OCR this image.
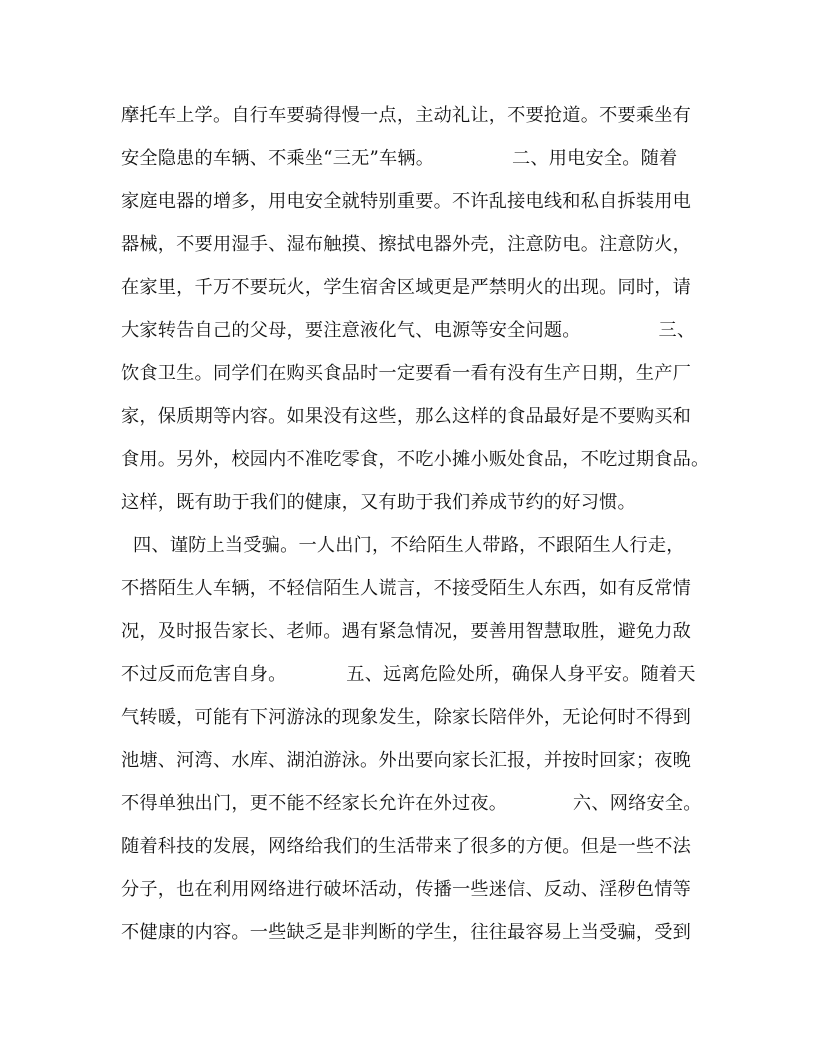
摩托车上学。自行车要骑得慢一点，主动礼让，不要抢道。不要乘坐有
安全隐患的车辆、不乘坐“三无”车辆。             二、用电安全。随着
家庭电器的增多，用电安全就特别重要。不许乱接电线和私自拆装用电
器械，不要用湿手、湿布触摸、擦拭电器外壳，注意防电。注意防火，
在家里，千万不要玩火，学生宿舍区域更是严禁明火的出现。同时，请
大家转告自己的父母，要注意液化气、电源等安全问题。             三、
饮食卫生。同学们在购买食品时一定要看一看有没有生产日期，生产厂
家，保质期等内容。如果没有这些，那么这样的食品最好是不要购买和
食用。另外，校园内不准吃零食，不吃小摊小贩处食品，不吃过期食品。
这样，既有助于我们的健康，又有助于我们养成节约的好习惯。
四、谨防上当受骗。一人出门，不给陌生人带路，不跟陌生人行走，
不搭陌生人车辆，不轻信陌生人谎言，不接受陌生人东西，如有反常情
况，及时报告家长、老师。遇有紧急情况，要善用智慧取胜，避免力敌
不过反而危害自身。          五、远离危险处所，确保人身平安。随着天
气转暖，可能有下河游泳的现象发生，除家长陪伴外，无论何时不得到
池塘、河湾、水库、湖泊游泳。外出要向家长汇报，并按时回家；夜晚
不得单独出门，更不能不经家长允许在外过夜。           六、网络安全。
随着科技的发展，网络给我们的生活带来了很多的方便。但是一些不法
分子，也在利用网络进行破坏活动，传播一些迷信、反动、淫秽色情等
不健康的内容。一些缺乏是非判断的学生，往往最容易上当受骗，受到
